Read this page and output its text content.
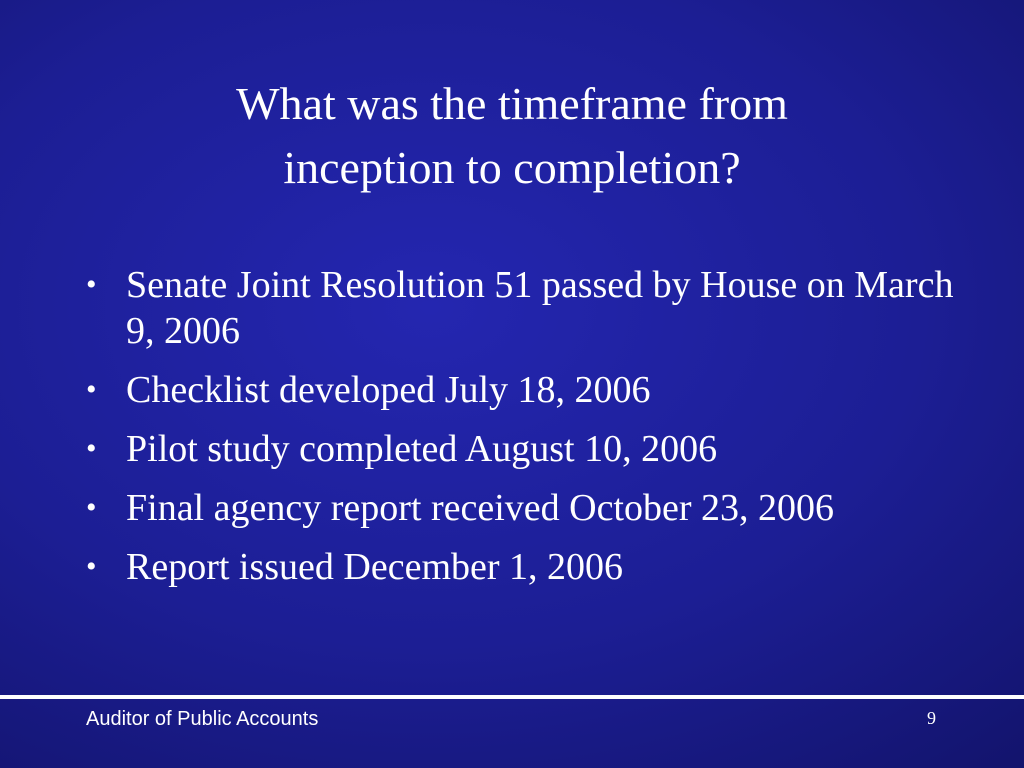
What was the timeframe from
inception to completion?
• Senate Joint Resolution 51 passed by House on March 9, 2006
• Checklist developed July 18, 2006
• Pilot study completed August 10, 2006
• Final agency report received October 23, 2006
• Report issued December 1, 2006
Auditor of Public Accounts	9
